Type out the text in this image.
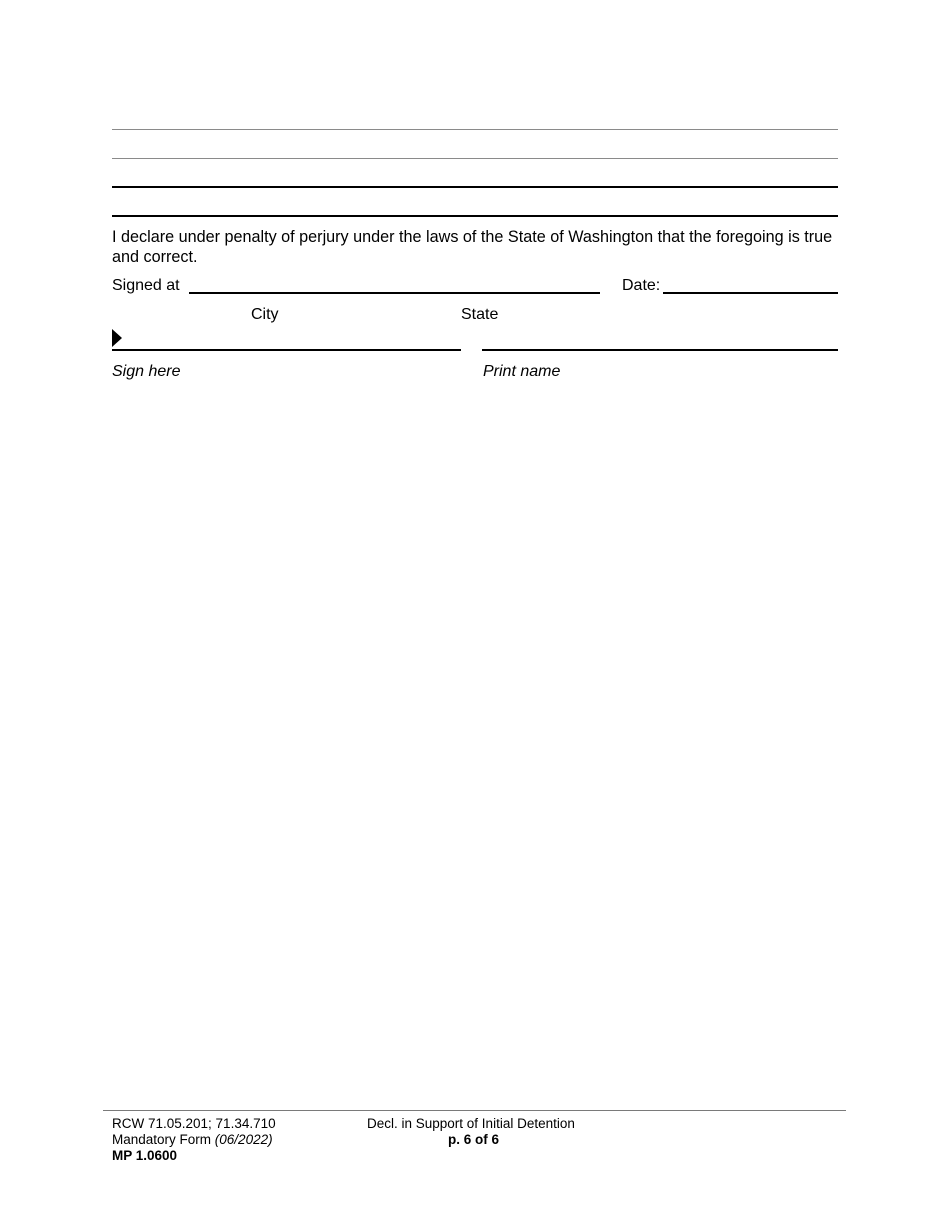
I declare under penalty of perjury under the laws of the State of Washington that the foregoing is true and correct.
Signed at	Date:
City	State
Sign here	Print name
RCW 71.05.201; 71.34.710
Mandatory Form (06/2022)
MP 1.0600
Decl. in Support of Initial Detention
p. 6 of 6
